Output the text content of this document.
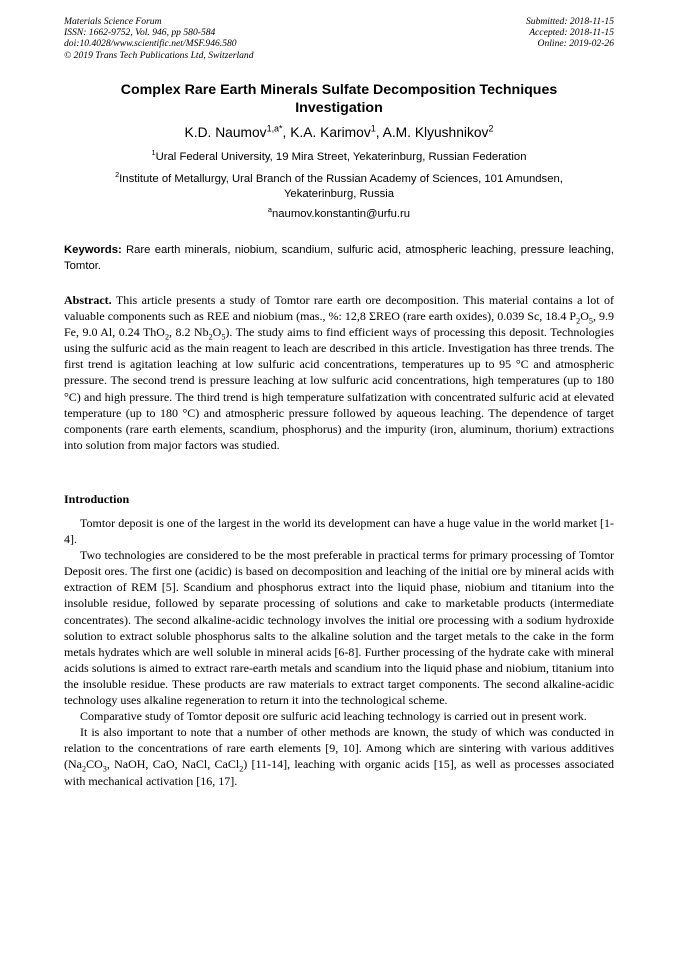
Materials Science Forum
ISSN: 1662-9752, Vol. 946, pp 580-584
doi:10.4028/www.scientific.net/MSF.946.580
© 2019 Trans Tech Publications Ltd, Switzerland
Submitted: 2018-11-15
Accepted: 2018-11-15
Online: 2019-02-26
Complex Rare Earth Minerals Sulfate Decomposition Techniques
Investigation
K.D. Naumov$^{1,a*}$, K.A. Karimov$^1$, A.M. Klyushnikov$^2$
$^1$Ural Federal University, 19 Mira Street, Yekaterinburg, Russian Federation
$^2$Institute of Metallurgy, Ural Branch of the Russian Academy of Sciences, 101 Amundsen,
Yekaterinburg, Russia
$^a$naumov.konstantin@urfu.ru
Keywords: Rare earth minerals, niobium, scandium, sulfuric acid, atmospheric leaching, pressure leaching, Tomtor.

Abstract. This article presents a study of Tomtor rare earth ore decomposition. This material contains a lot of valuable components such as REE and niobium (mas., %: 12,8 ΣREO (rare earth oxides), 0.039 Sc, 18.4 $P_2O_5$, 9.9 Fe, 9.0 Al, 0.24 ThO$_2$, 8.2 $Nb_2O_5$). The study aims to find efficient ways of processing this deposit. Technologies using the sulfuric acid as the main reagent to leach are described in this article. Investigation has three trends. The first trend is agitation leaching at low sulfuric acid concentrations, temperatures up to 95 °C and atmospheric pressure. The second trend is pressure leaching at low sulfuric acid concentrations, high temperatures (up to 180 °C) and high pressure. The third trend is high temperature sulfatization with concentrated sulfuric acid at elevated temperature (up to 180 °C) and atmospheric pressure followed by aqueous leaching. The dependence of target components (rare earth elements, scandium, phosphorus) and the impurity (iron, aluminum, thorium) extractions into solution from major factors was studied.

Introduction

Tomtor deposit is one of the largest in the world its development can have a huge value in the world market [1-4].

Two technologies are considered to be the most preferable in practical terms for primary processing of Tomtor Deposit ores. The first one (acidic) is based on decomposition and leaching of the initial ore by mineral acids with extraction of REM [5]. Scandium and phosphorus extract into the liquid phase, niobium and titanium into the insoluble residue, followed by separate processing of solutions and cake to marketable products (intermediate concentrates). The second alkaline-acidic technology involves the initial ore processing with a sodium hydroxide solution to extract soluble phosphorus salts to the alkaline solution and the target metals to the cake in the form metals hydrates which are well soluble in mineral acids [6-8]. Further processing of the hydrate cake with mineral acids solutions is aimed to extract rare-earth metals and scandium into the liquid phase and niobium, titanium into the insoluble residue. These products are raw materials to extract target components. The second alkaline-acidic technology uses alkaline regeneration to return it into the technological scheme.

Comparative study of Tomtor deposit ore sulfuric acid leaching technology is carried out in present work.

It is also important to note that a number of other methods are known, the study of which was conducted in relation to the concentrations of rare earth elements [9, 10]. Among which are sintering with various additives ($Na_2CO_3$, NaOH, CaO, NaCl, CaCl$_2$) [11-14], leaching with organic acids [15], as well as processes associated with mechanical activation [16, 17].
